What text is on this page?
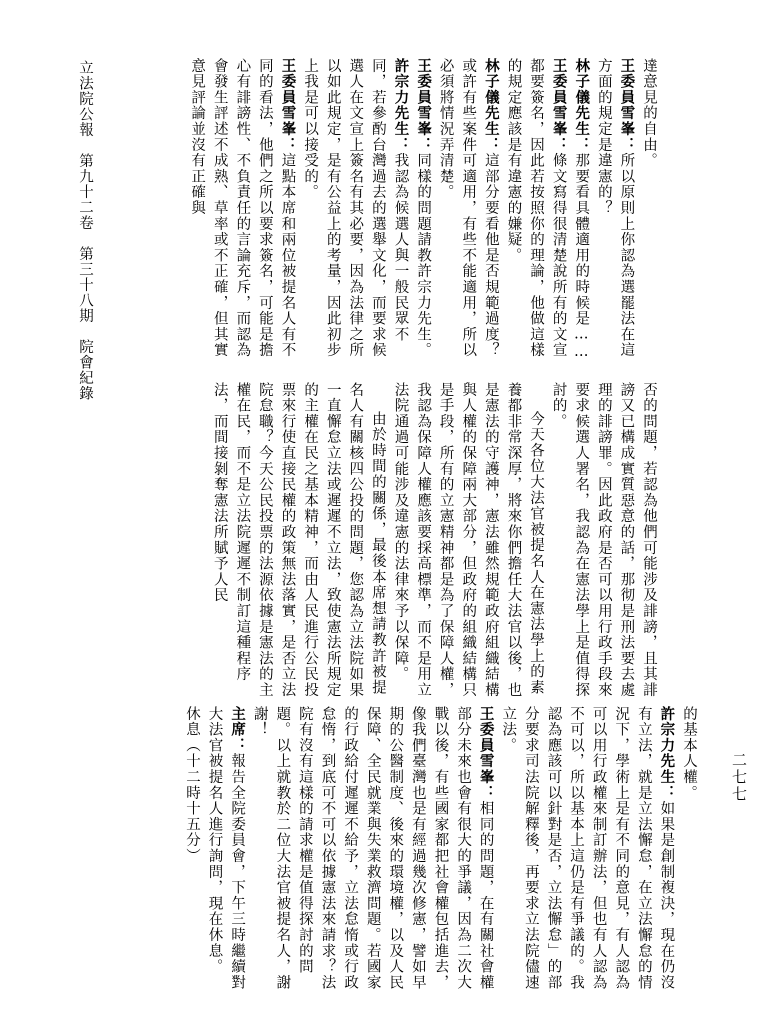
立法院公報　第九十二卷　第三十八期　院會紀錄

達意見的自由。

王委員雪峯：所以原則上你認為選罷法在這方面的規定是違憲的？

林子儀先生：那要看具體適用的時候是……

王委員雪峯：條文寫得很清楚說所有的文宣都要簽名，因此若按照你的理論，他做這樣的規定應該是有違憲的嫌疑。

林子儀先生：這部分要看他是否規範過度？或許有些案件可適用，有些不能適用，所以必須將情況弄清楚。

王委員雪峯：同樣的問題請教許宗力先生。

許宗力先生：我認為候選人與一般民眾不同，若參酌台灣過去的選舉文化，而要求候選人在文宣上簽名有其必要，因為法律之所以如此規定，是有公益上的考量，因此初步上我是可以接受的。

王委員雪峯：這點本席和兩位被提名人有不同的看法，他們之所以要求簽名，可能是擔心有誹謗性、不負責任的言論充斥，而認為會發生評述不成熟、草率或不正確，但其實意見評論並沒有正確與

否的問題，若認為他們可能涉及誹謗，且其誹謗又已構成實質惡意的話，那彻是刑法要去處理的誹謗罪。因此政府是否可以用行政手段來要求候選人署名，我認為在憲法學上是值得探討的。

今天各位大法官被提名人在憲法學上的素養都非常深厚，將來你們擔任大法官以後，也是憲法的守護神，憲法雖然規範政府組織結構與人權的保障兩大部分，但政府的組織結構只是手段，所有的立憲精神都是為了保障人權，我認為保障人權應該要採高標準，而不是用立法院通過可能涉及違憲的法律來予以保障。

由於時間的關係，最後本席想請教許被提名人有關核四公投的問題，您認為立法院如果一直懈怠立法或遲遲不立法，致使憲法所規定的主權在民之基本精神，而由人民進行公民投票來行使直接民權的政策無法落實，是否立法院怠職？今天公民投票的法源依據是憲法的主權在民，而不是立法院遲遲不制訂這種程序法，而間接剝奪憲法所賦予人民

的基本人權。

許宗力先生：如果是創制複決，現在仍沒有立法，就是立法懈怠，在立法懈怠的情況下，學術上是有不同的意見，有人認為可以用行政權來制訂辦法，但也有人認為不可以，所以基本上這仍是有爭議的。我認為應該可以針對是否，立法懈怠」的部分要求司法院解釋後，再要求立法院儘速立法。

王委員雪峯：相同的問題，在有關社會權部分未來也會有很大的爭議，因為二次大戰以後，有些國家都把社會權包括進去，像我們臺灣也是有經過幾次修憲，譬如早期的公醫制度、後來的環境權，以及人民保障、全民就業與失業救濟問題。若國家的行政給付遲遲不給予，立法怠惰或行政怠惰，到底可不可以依據憲法來請求？法院有沒有這樣的請求權是值得探討的問題。以上就教於二位大法官被提名人，謝謝！

主席：報告全院委員會，下午三時繼續對大法官被提名人進行詢問，現在休息。

休息（十二時十五分）	二七七
